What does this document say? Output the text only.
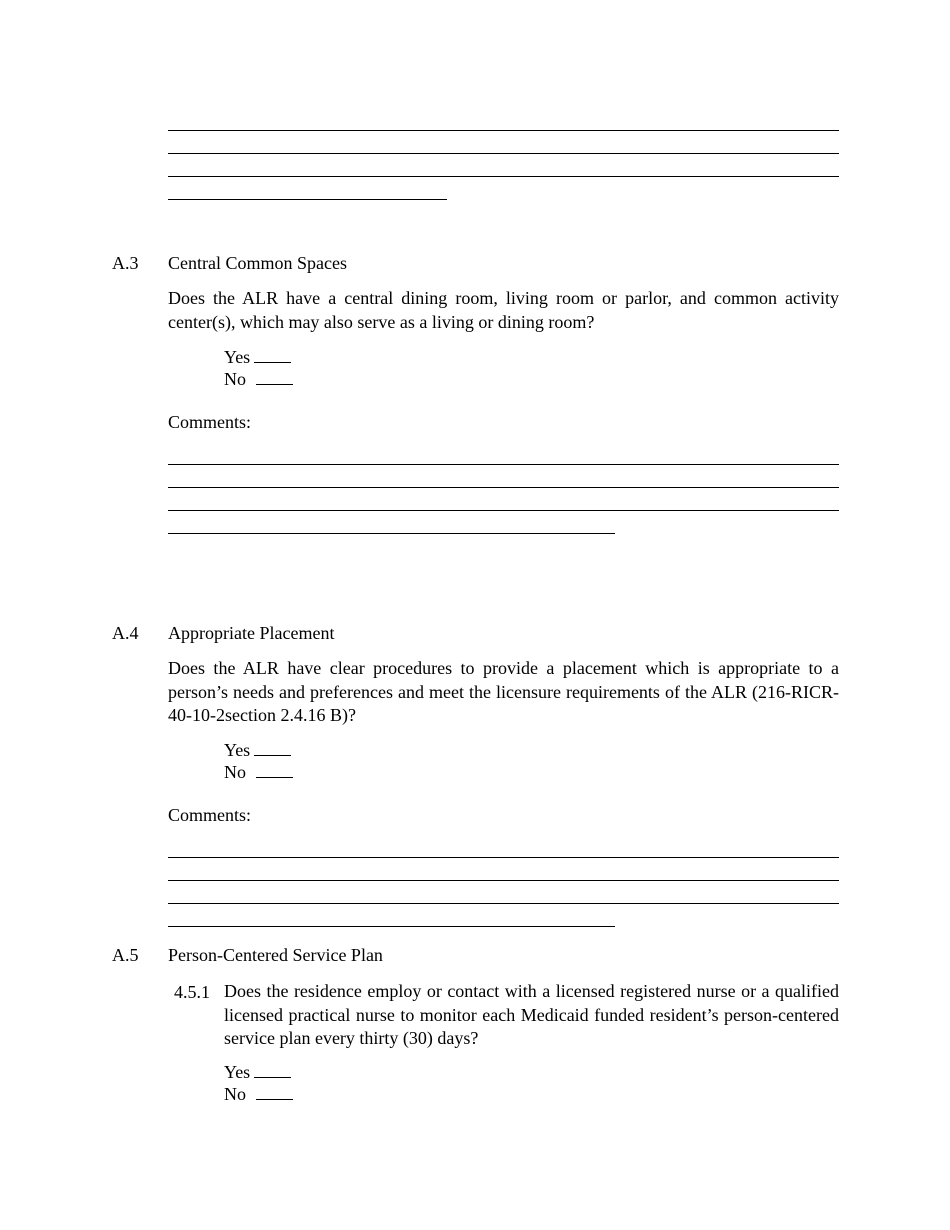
A.3 Central Common Spaces
Does the ALR have a central dining room, living room or parlor, and common activity center(s), which may also serve as a living or dining room?
Yes
No
Comments:
A.4 Appropriate Placement
Does the ALR have clear procedures to provide a placement which is appropriate to a person’s needs and preferences and meet the licensure requirements of the ALR (216-RICR-40-10-2section 2.4.16 B)?
Yes
No
Comments:
A.5 Person-Centered Service Plan
4.5.1 Does the residence employ or contact with a licensed registered nurse or a qualified licensed practical nurse to monitor each Medicaid funded resident’s person-centered service plan every thirty (30) days?
Yes
No
